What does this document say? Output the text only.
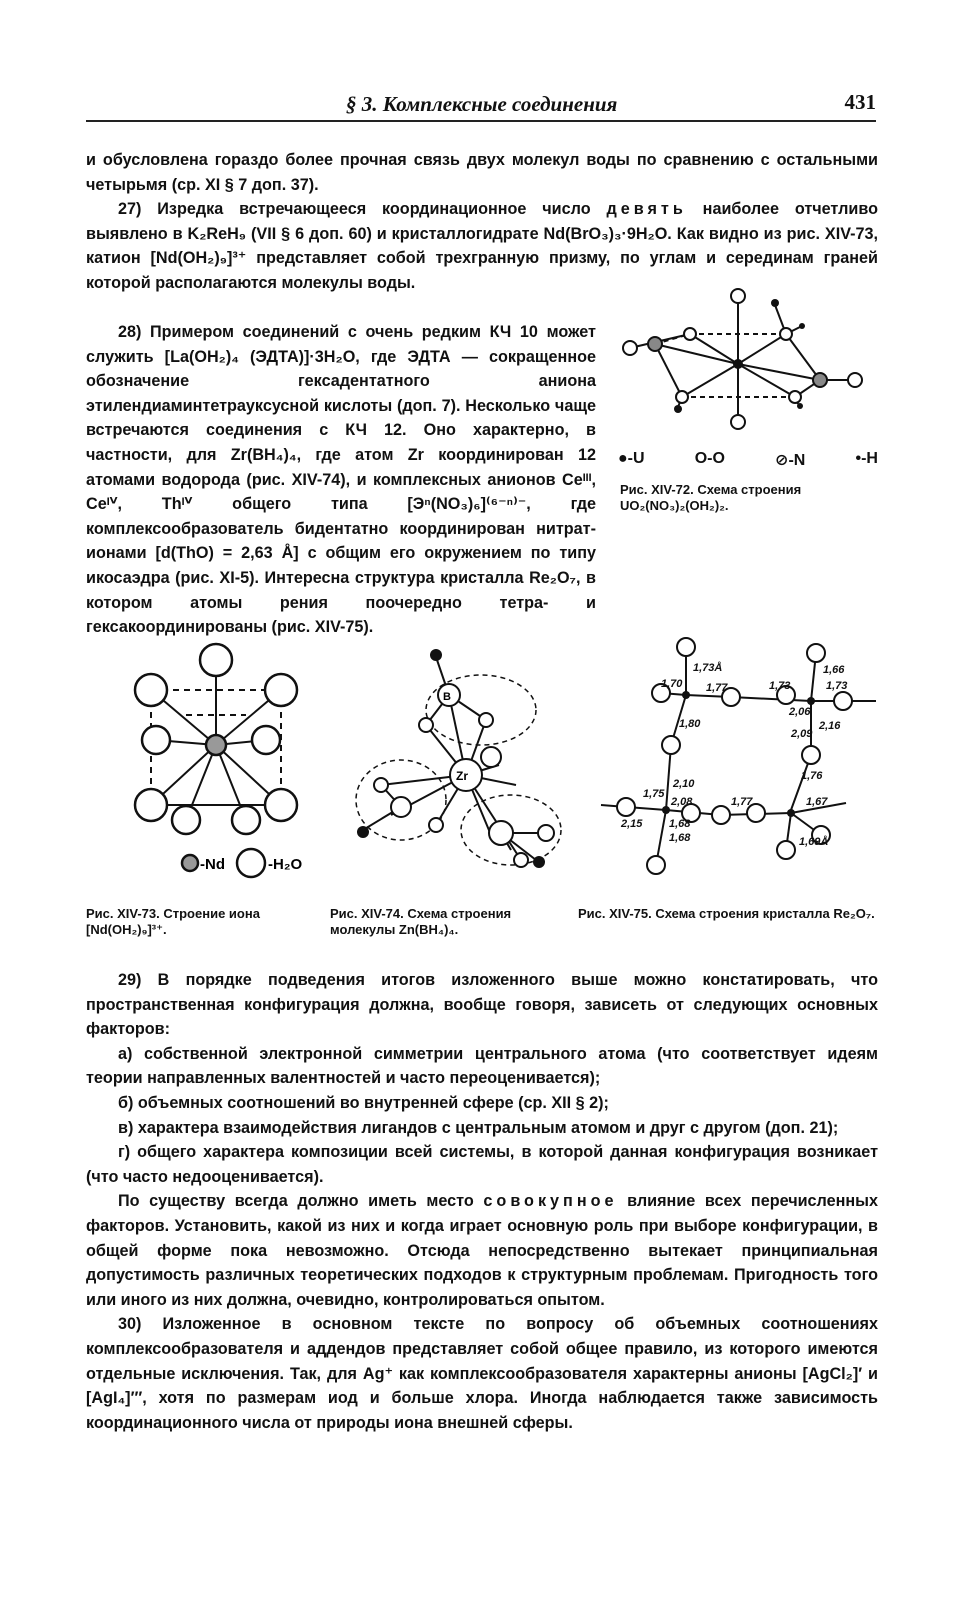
§ 3. Комплексные соединения	431

и обусловлена гораздо более прочная связь двух молекул воды по сравнению с остальными четырьмя (ср. XI § 7 доп. 37).

27) Изредка встречающееся координационное число девять наиболее отчетливо выявлено в K₂ReH₉ (VII § 6 доп. 60) и кристаллогидрате Nd(BrO₃)₃·9H₂O. Как видно из рис. XIV-73, катион [Nd(OH₂)₉]³⁺ представляет собой трехгранную призму, по углам и серединам граней которой располагаются молекулы воды.

28) Примером соединений с очень редким КЧ 10 может служить [La(OH₂)₄ (ЭДТА)]·3H₂O, где ЭДТА — сокращенное обозначение гексадентатного аниона этилендиаминтетрауксусной кислоты (доп. 7). Несколько чаще встречаются соединения с КЧ 12. Оно характерно, в частности, для Zr(BH₄)₄, где атом Zr координирован 12 атомами водорода (рис. XIV-74), и комплексных анионов Ceᴵᴵᴵ, Ceᴵⱽ, Thᴵⱽ общего типа [Эⁿ(NO₃)₆]⁽⁶⁻ⁿ⁾⁻, где комплексообразователь бидентатно координирован нитрат-ионами [d(ThO) = 2,63 Å] с общим его окружением по типу икосаэдра (рис. XI-5). Интересна структура кристалла Re₂O₇, в котором атомы рения поочередно тетра- и гексакоординированы (рис. XIV-75).

●-U	O-O	⊘-N	•-H
Рис. XIV-72. Схема строения UO₂(NO₃)₂(OH₂)₂.
-Nd	-H₂O
B
Zr
1,73Å
1,70 1,77	1,73
1,66
1,73
1,80
2,06
2,16
2,09
2,10
1,76
1,75
2,08	1,77	1,67
2,15 1,68
1,68	1,69Å
Рис. XIV-73. Строение иона [Nd(OH₂)₉]³⁺.
Рис. XIV-74. Схема строения молекулы Zn(BH₄)₄.
Рис. XIV-75. Схема строения кристалла Re₂O₇.

29) В порядке подведения итогов изложенного выше можно констатировать, что пространственная конфигурация должна, вообще говоря, зависеть от следующих основных факторов:

а) собственной электронной симметрии центрального атома (что соответствует идеям теории направленных валентностей и часто переоценивается);

б) объемных соотношений во внутренней сфере (ср. XII § 2);

в) характера взаимодействия лигандов с центральным атомом и друг с другом (доп. 21);

г) общего характера композиции всей системы, в которой данная конфигурация возникает (что часто недооценивается).

По существу всегда должно иметь место совокупное влияние всех перечисленных факторов. Установить, какой из них и когда играет основную роль при выборе конфигурации, в общей форме пока невозможно. Отсюда непосредственно вытекает принципиальная допустимость различных теоретических подходов к структурным проблемам. Пригодность того или иного из них должна, очевидно, контролироваться опытом.

30) Изложенное в основном тексте по вопросу об объемных соотношениях комплексообразователя и аддендов представляет собой общее правило, из которого имеются отдельные исключения. Так, для Ag⁺ как комплексообразователя характерны анионы [AgCl₂]′ и [AgI₄]′″, хотя по размерам иод и больше хлора. Иногда наблюдается также зависимость координационного числа от природы иона внешней сферы.
